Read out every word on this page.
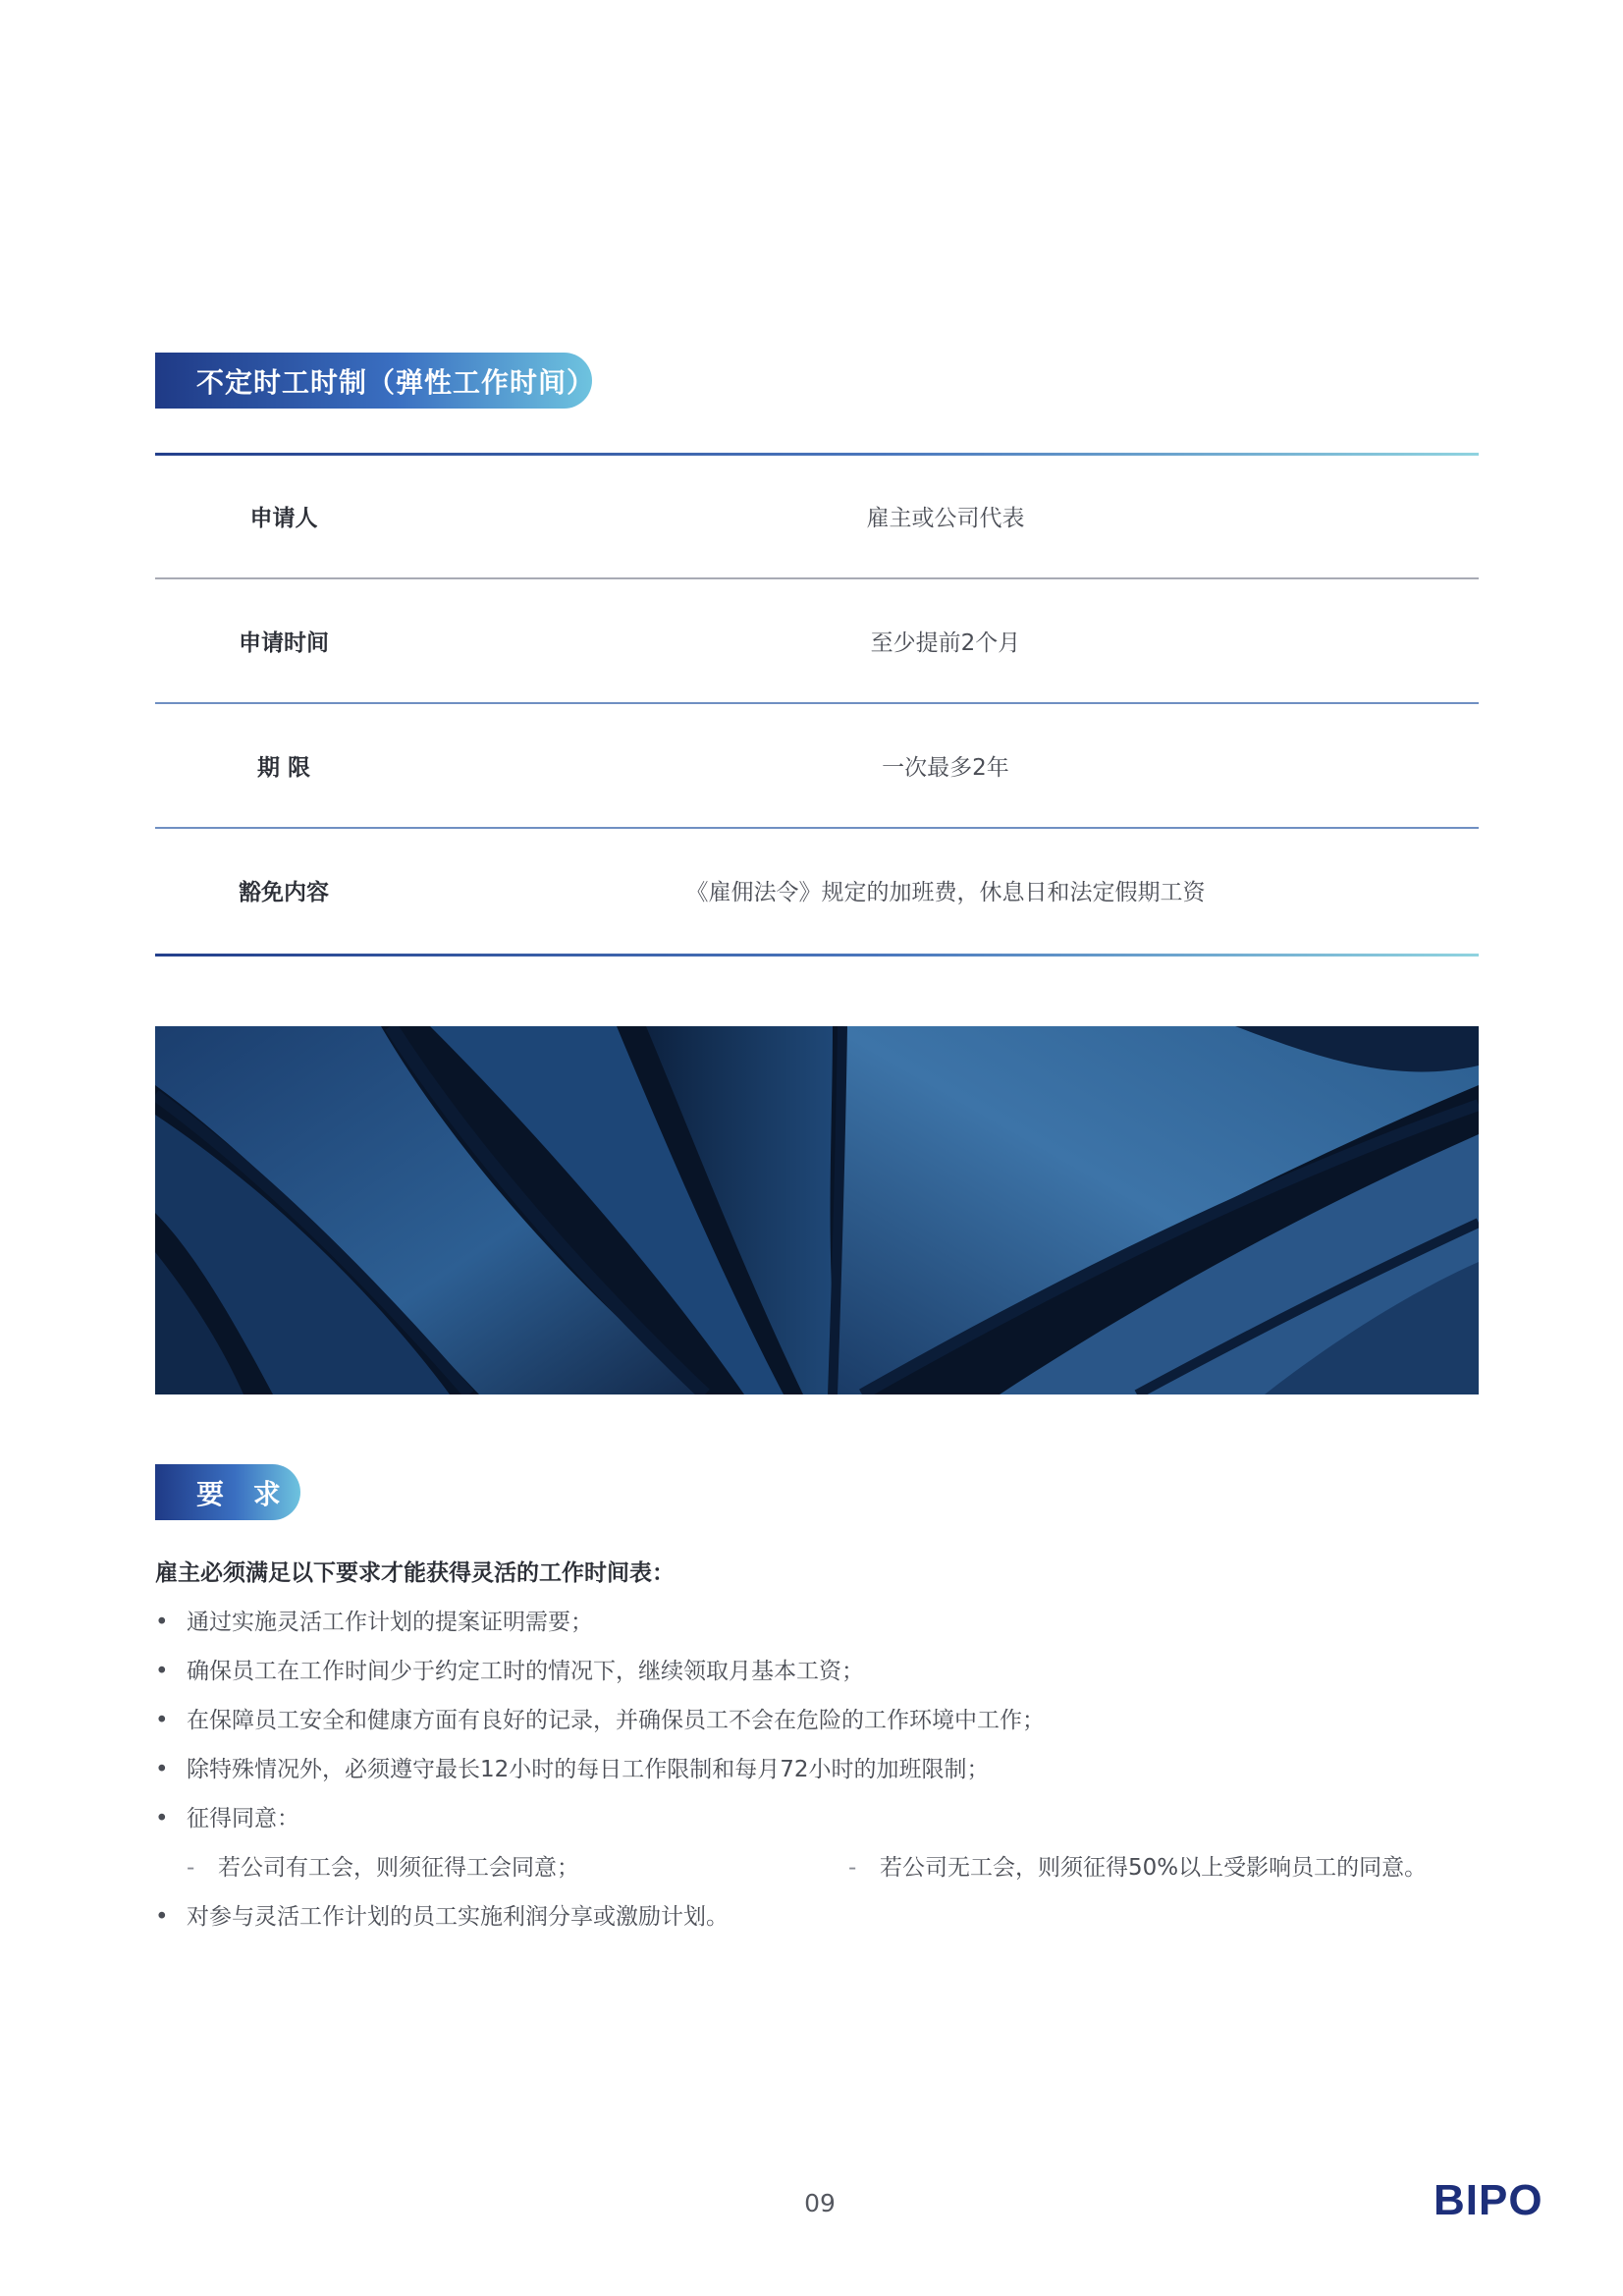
不定时工时制（弹性工作时间）
申请人	雇主或公司代表
申请时间	至少提前2个月
期 限	一次最多2年
豁免内容	《雇佣法令》规定的加班费，休息日和法定假期工资
要 求
雇主必须满足以下要求才能获得灵活的工作时间表：
• 通过实施灵活工作计划的提案证明需要；
• 确保员工在工作时间少于约定工时的情况下，继续领取月基本工资；
• 在保障员工安全和健康方面有良好的记录，并确保员工不会在危险的工作环境中工作；
• 除特殊情况外，必须遵守最长12小时的每日工作限制和每月72小时的加班限制；
• 征得同意：
- 若公司有工会，则须征得工会同意；	- 若公司无工会，则须征得50%以上受影响员工的同意。
• 对参与灵活工作计划的员工实施利润分享或激励计划。
09	BIPO
